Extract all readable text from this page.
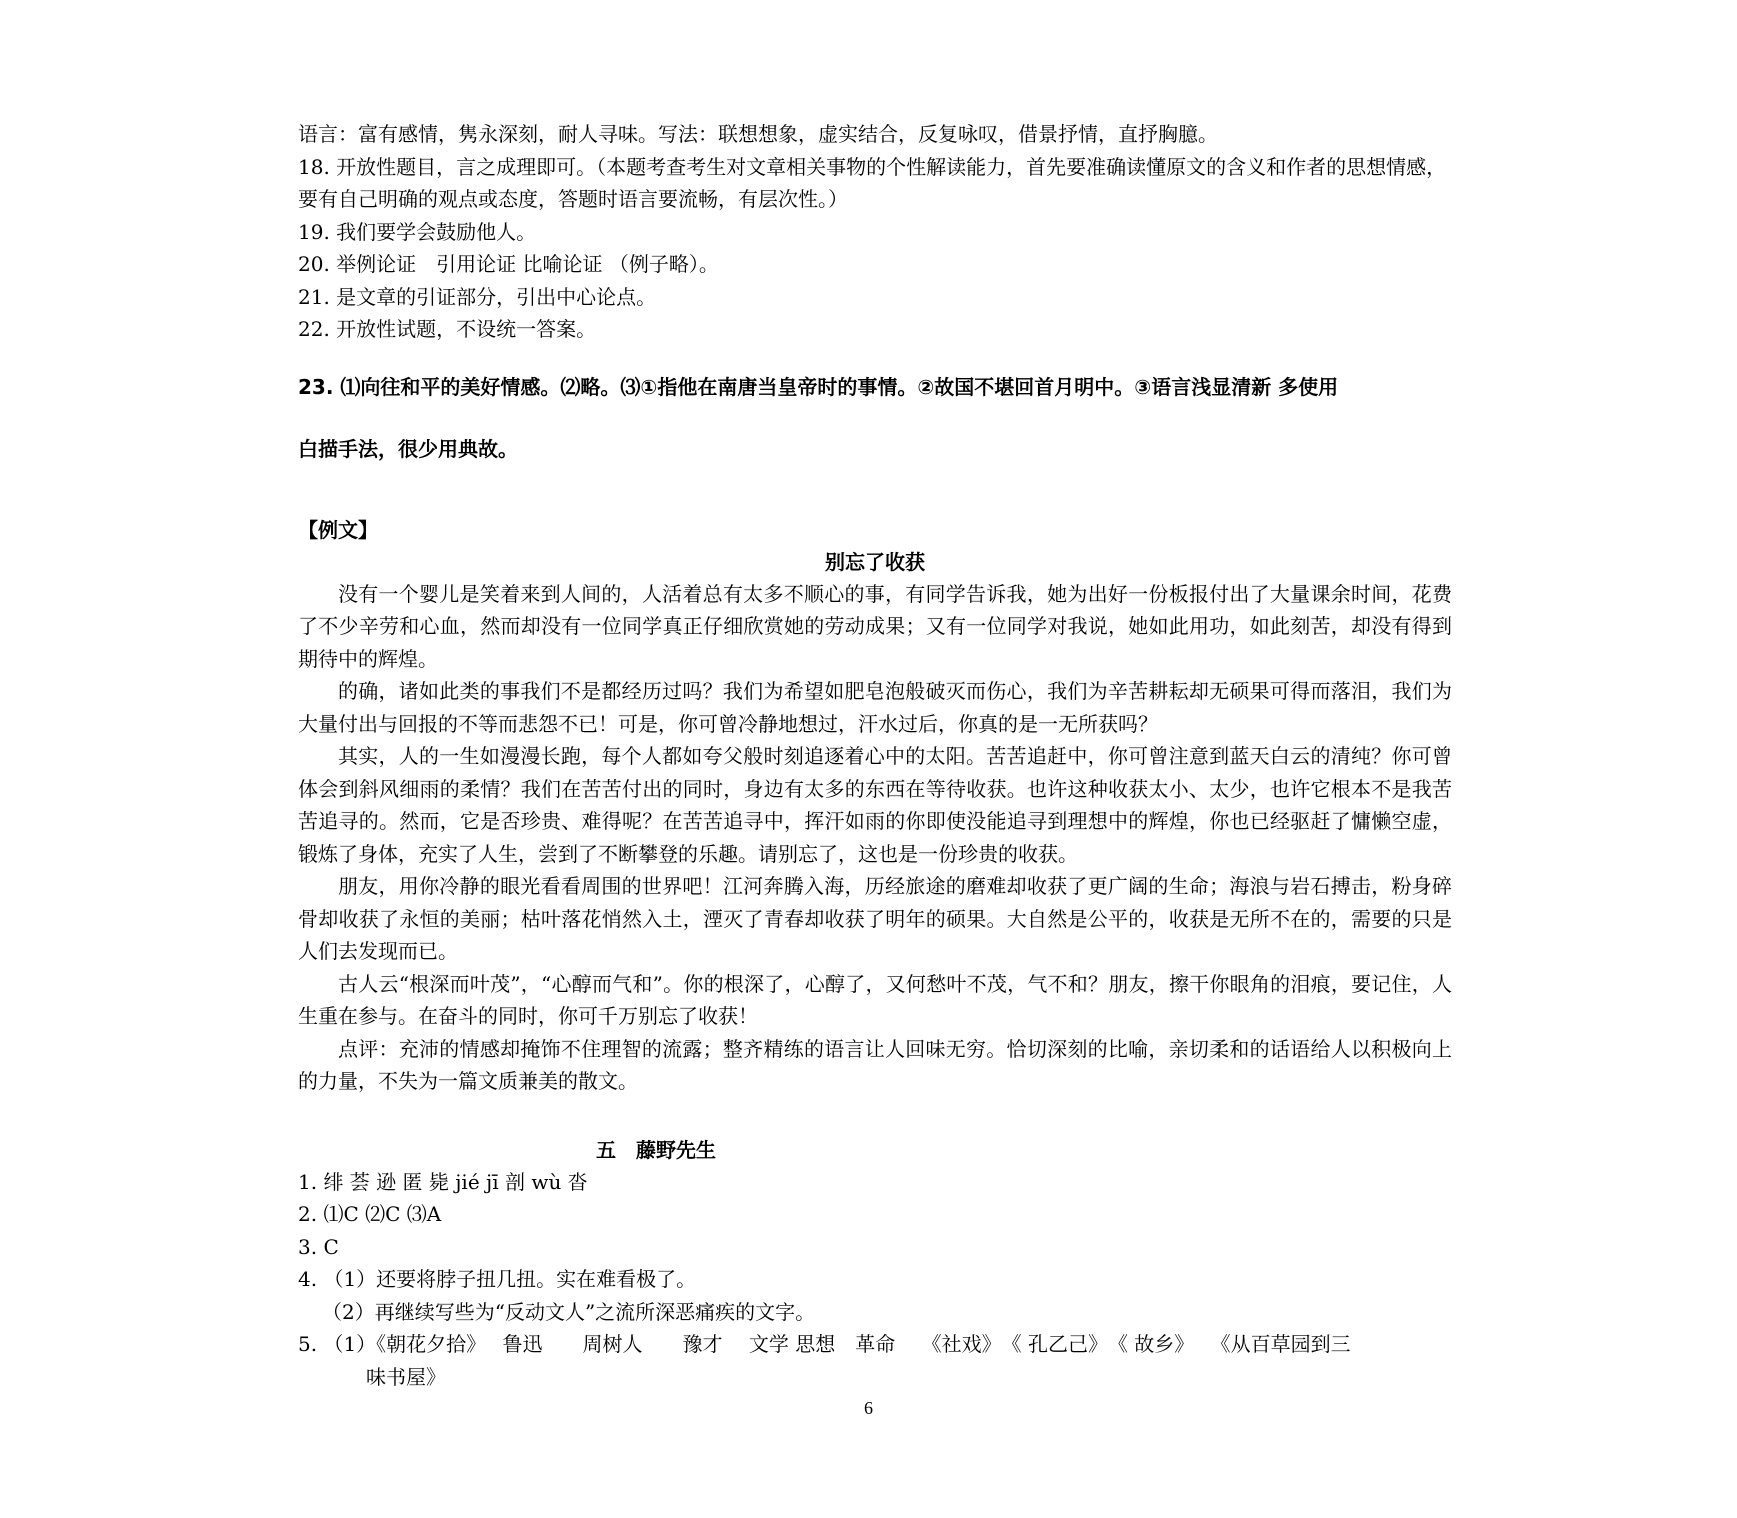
语言：富有感情，隽永深刻，耐人寻味。写法：联想想象，虚实结合，反复咏叹，借景抒情，直抒胸臆。
18. 开放性题目，言之成理即可。（本题考查考生对文章相关事物的个性解读能力，首先要准确读懂原文的含义和作者的思想情感，要有自己明确的观点或态度，答题时语言要流畅，有层次性。）
19. 我们要学会鼓励他人。
20. 举例论证　引用论证 比喻论证 （例子略）。
21. 是文章的引证部分，引出中心论点。
22. 开放性试题，不设统一答案。
23. ⑴向往和平的美好情感。⑵略。⑶①指他在南唐当皇帝时的事情。②故国不堪回首月明中。③语言浅显清新 多使用
白描手法，很少用典故。
【例文】
别忘了收获

没有一个婴儿是笑着来到人间的，人活着总有太多不顺心的事，有同学告诉我，她为出好一份板报付出了大量课余时间，花费了不少辛劳和心血，然而却没有一位同学真正仔细欣赏她的劳动成果；又有一位同学对我说，她如此用功，如此刻苦，却没有得到期待中的辉煌。

的确，诸如此类的事我们不是都经历过吗？我们为希望如肥皂泡般破灭而伤心，我们为辛苦耕耘却无硕果可得而落泪，我们为大量付出与回报的不等而悲怨不已！可是，你可曾冷静地想过，汗水过后，你真的是一无所获吗？

其实，人的一生如漫漫长跑，每个人都如夸父般时刻追逐着心中的太阳。苦苦追赶中，你可曾注意到蓝天白云的清纯？你可曾体会到斜风细雨的柔情？我们在苦苦付出的同时，身边有太多的东西在等待收获。也许这种收获太小、太少，也许它根本不是我苦苦追寻的。然而，它是否珍贵、难得呢？在苦苦追寻中，挥汗如雨的你即使没能追寻到理想中的辉煌，你也已经驱赶了慵懒空虚，锻炼了身体，充实了人生，尝到了不断攀登的乐趣。请别忘了，这也是一份珍贵的收获。

朋友，用你冷静的眼光看看周围的世界吧！江河奔腾入海，历经旅途的磨难却收获了更广阔的生命；海浪与岩石搏击，粉身碎骨却收获了永恒的美丽；枯叶落花悄然入土，湮灭了青春却收获了明年的硕果。大自然是公平的，收获是无所不在的，需要的只是人们去发现而已。

古人云“根深而叶茂”，“心醇而气和”。你的根深了，心醇了，又何愁叶不茂，气不和？朋友，擦干你眼角的泪痕，要记住，人生重在参与。在奋斗的同时，你可千万别忘了收获！

点评：充沛的情感却掩饰不住理智的流露；整齐精练的语言让人回味无穷。恰切深刻的比喻，亲切柔和的话语给人以积极向上的力量，不失为一篇文质兼美的散文。

五　藤野先生
1. 绯 荟 逊 匿 毙 jié jī 剖 wù 沓
2. ⑴C ⑵C ⑶A
3. C
4. （1）还要将脖子扭几扭。实在难看极了。
（2）再继续写些为“反动文人”之流所深恶痛疾的文字。
5. （1）《朝花夕拾》　 鲁迅　　周树人　　豫才　 文学 思想　革命　 《社戏》　《 孔乙己》　《 故乡》　 《从百草园到三
味书屋》
6
